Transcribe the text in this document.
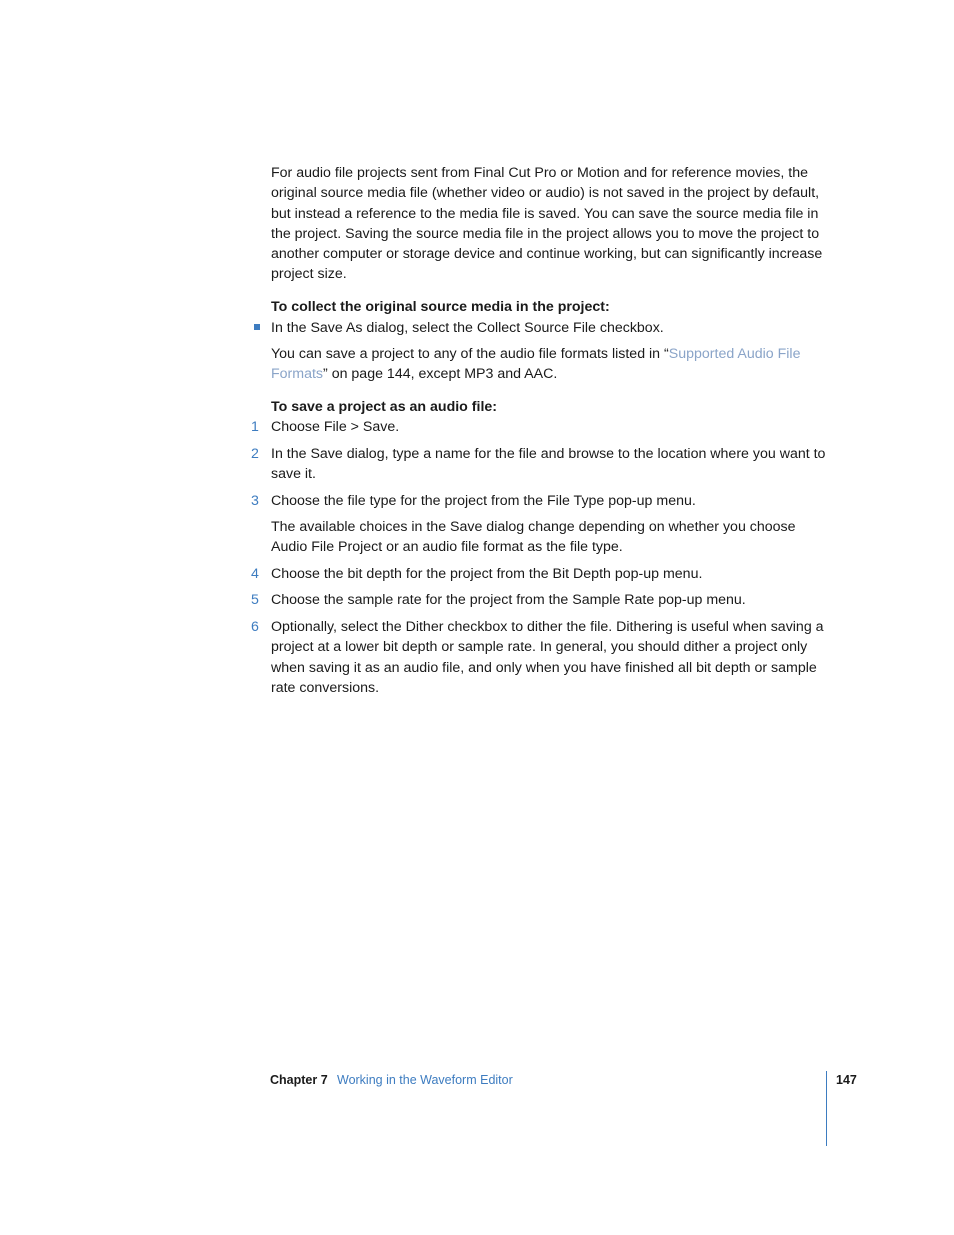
For audio file projects sent from Final Cut Pro or Motion and for reference movies, the original source media file (whether video or audio) is not saved in the project by default, but instead a reference to the media file is saved. You can save the source media file in the project. Saving the source media file in the project allows you to move the project to another computer or storage device and continue working, but can significantly increase project size.

To collect the original source media in the project:

In the Save As dialog, select the Collect Source File checkbox.

You can save a project to any of the audio file formats listed in “Supported Audio File Formats” on page 144, except MP3 and AAC.

To save a project as an audio file:

1 Choose File > Save.

2 In the Save dialog, type a name for the file and browse to the location where you want to save it.

3 Choose the file type for the project from the File Type pop-up menu.

The available choices in the Save dialog change depending on whether you choose Audio File Project or an audio file format as the file type.

4 Choose the bit depth for the project from the Bit Depth pop-up menu.

5 Choose the sample rate for the project from the Sample Rate pop-up menu.

6 Optionally, select the Dither checkbox to dither the file. Dithering is useful when saving a project at a lower bit depth or sample rate. In general, you should dither a project only when saving it as an audio file, and only when you have finished all bit depth or sample rate conversions.

Chapter 7 Working in the Waveform Editor	147
